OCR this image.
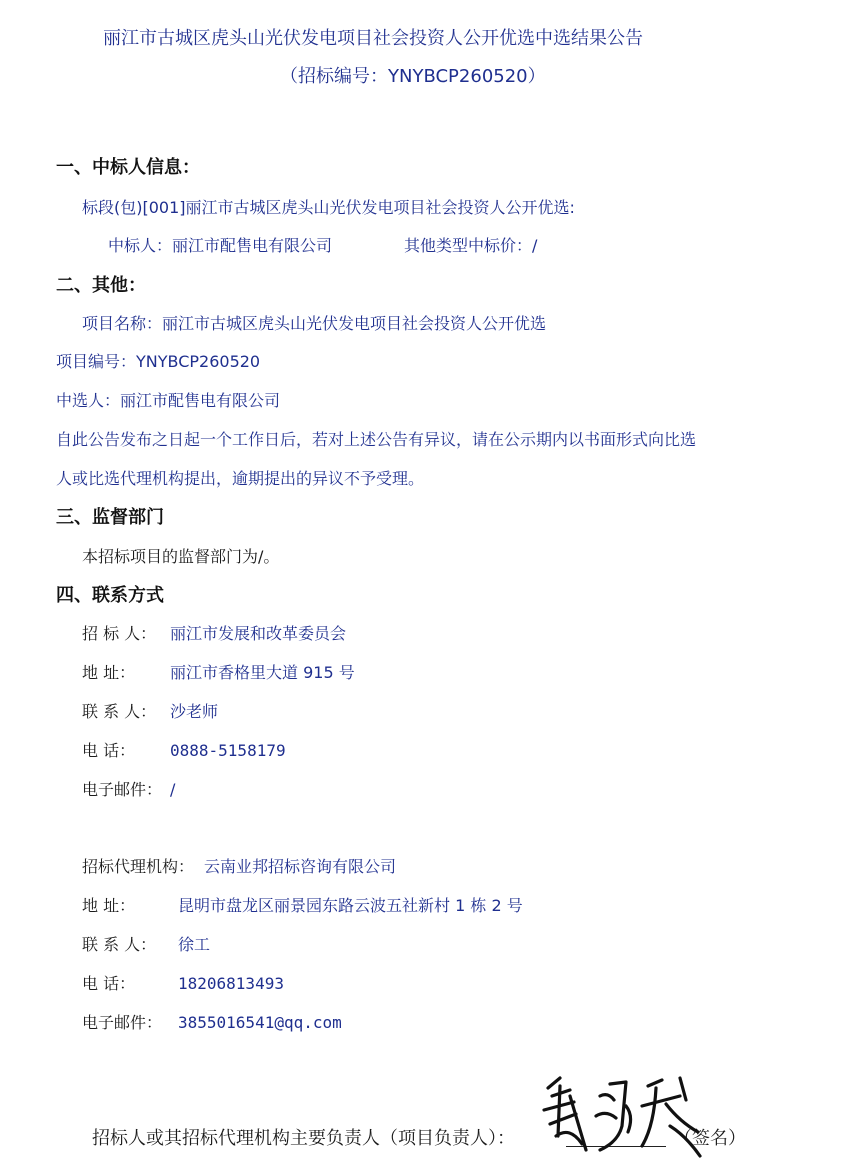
丽江市古城区虎头山光伏发电项目社会投资人公开优选中选结果公告
（招标编号：YNYBCP260520）
一、中标人信息：
标段(包)[001]丽江市古城区虎头山光伏发电项目社会投资人公开优选:
中标人：丽江市配售电有限公司	其他类型中标价：/
二、其他：
项目名称：丽江市古城区虎头山光伏发电项目社会投资人公开优选
项目编号：YNYBCP260520
中选人：丽江市配售电有限公司
自此公告发布之日起一个工作日后，若对上述公告有异议，请在公示期内以书面形式向比选
人或比选代理机构提出，逾期提出的异议不予受理。
三、监督部门
本招标项目的监督部门为/。
四、联系方式
招 标 人： 丽江市发展和改革委员会
地 址： 丽江市香格里大道 915 号
联 系 人： 沙老师
电 话： 0888-5158179
电子邮件： /
招标代理机构： 云南业邦招标咨询有限公司
地 址：	昆明市盘龙区丽景园东路云波五社新村 1 栋 2 号
联 系 人： 徐工
电 话：	18206813493
电子邮件： 3855016541@qq.com
招标人或其招标代理机构主要负责人（项目负责人）：	（签名）
